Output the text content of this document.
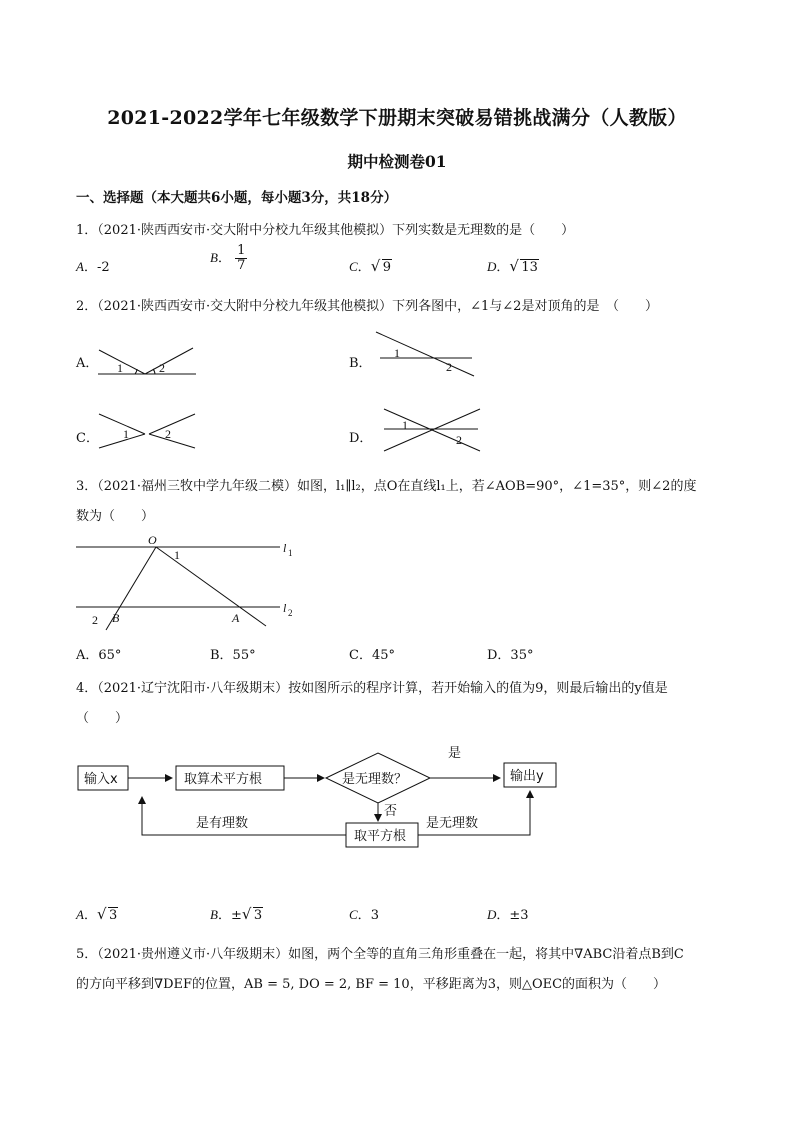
2021-2022学年七年级数学下册期末突破易错挑战满分（人教版）
期中检测卷01
一、选择题（本大题共6小题，每小题3分，共18分）
1．（2021·陕西西安市·交大附中分校九年级其他模拟）下列实数是无理数的是（　　）
A．-2
B． $\frac{1}{7}$	C． √ 9	D． √ 13
2．（2021·陕西西安市·交大附中分校九年级其他模拟）下列各图中，∠1与∠2是对顶角的是　（　　）
A． 1	2	B．
1
2
C． 1	2	D．
1
2
3．（2021·福州三牧中学九年级二模）如图，l₁∥l₂，点O在直线l₁上，若∠AOB=90°，∠1=35°，则∠2的度
数为（　　）
O
1
2 B	A
l 1
l 2
A．65°	B．55°	C．45°	D．35°
4．（2021·辽宁沈阳市·八年级期末）按如图所示的程序计算，若开始输入的值为9，则最后输出的y值是
（　　）
输入x	取算术平方根	是无理数？
是
输出y
否
取平方根
是有理数	是无理数
A． √ 3	B．± √ 3	C．3	D．±3
5．（2021·贵州遵义市·八年级期末）如图，两个全等的直角三角形重叠在一起，将其中∇ABC沿着点B到C
的方向平移到∇DEF的位置，AB = 5, DO = 2, BF = 10，平移距离为3，则△OEC的面积为（　　）
